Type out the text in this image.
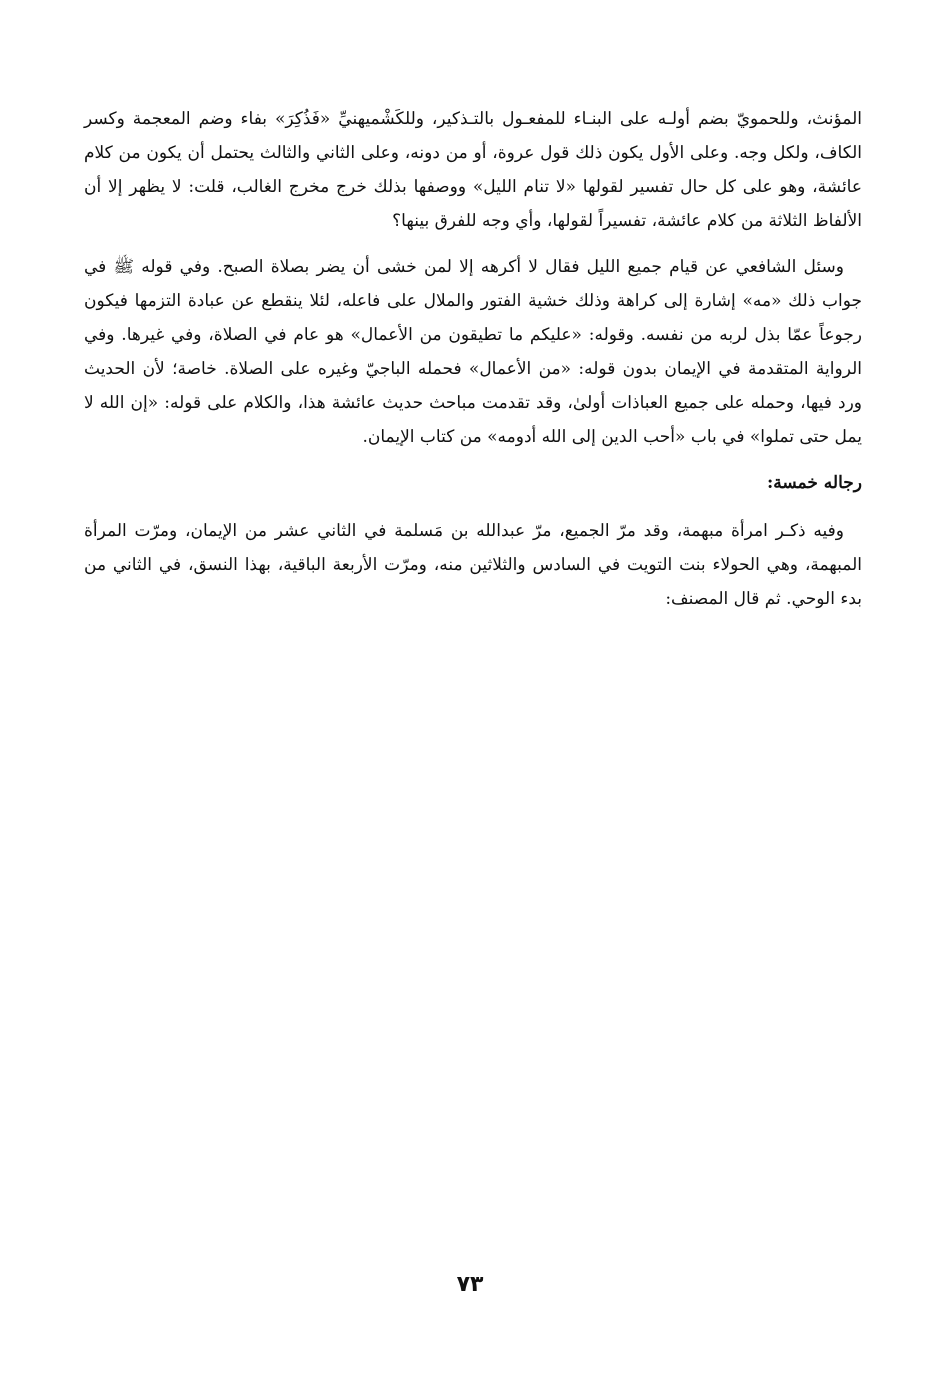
المؤنث، وللحمويّ بضم أولـه على البنـاء للمفعـول بالتـذكير، وللكَشْميهنيِّ «فَذُكِرَ» بفاء وضم المعجمة وكسر الكاف، ولكل وجه. وعلى الأول يكون ذلك قول عروة، أو من دونه، وعلى الثاني والثالث يحتمل أن يكون من كلام عائشة، وهو على كل حال تفسير لقولها «لا تنام الليل» ووصفها بذلك خرج مخرج الغالب، قلت: لا يظهر إلا أن الألفاظ الثلاثة من كلام عائشة، تفسيراً لقولها، وأي وجه للفرق بينها؟

وسئل الشافعي عن قيام جميع الليل فقال لا أكرهه إلا لمن خشى أن يضر بصلاة الصبح. وفي قوله ﷺ في جواب ذلك «مه» إشارة إلى كراهة وذلك خشية الفتور والملال على فاعله، لئلا ينقطع عن عبادة التزمها فيكون رجوعاً عمّا بذل لربه من نفسه. وقوله: «عليكم ما تطيقون من الأعمال» هو عام في الصلاة، وفي غيرها. وفي الرواية المتقدمة في الإيمان بدون قوله: «من الأعمال» فحمله الباجيّ وغيره على الصلاة. خاصة؛ لأن الحديث ورد فيها، وحمله على جميع العباذات أولىٰ، وقد تقدمت مباحث حديث عائشة هذا، والكلام على قوله: «إن الله لا يمل حتى تملوا» في باب «أحب الدين إلى الله أدومه» من كتاب الإيمان.

رجاله خمسة:

وفيه ذكـر امرأة مبهمة، وقد مرّ الجميع، مرّ عبدالله بن مَسلمة في الثاني عشر من الإيمان، ومرّت المرأة المبهمة، وهي الحولاء بنت التويت في السادس والثلاثين منه، ومرّت الأربعة الباقية، بهذا النسق، في الثاني من بدء الوحي. ثم قال المصنف:

٧٣
